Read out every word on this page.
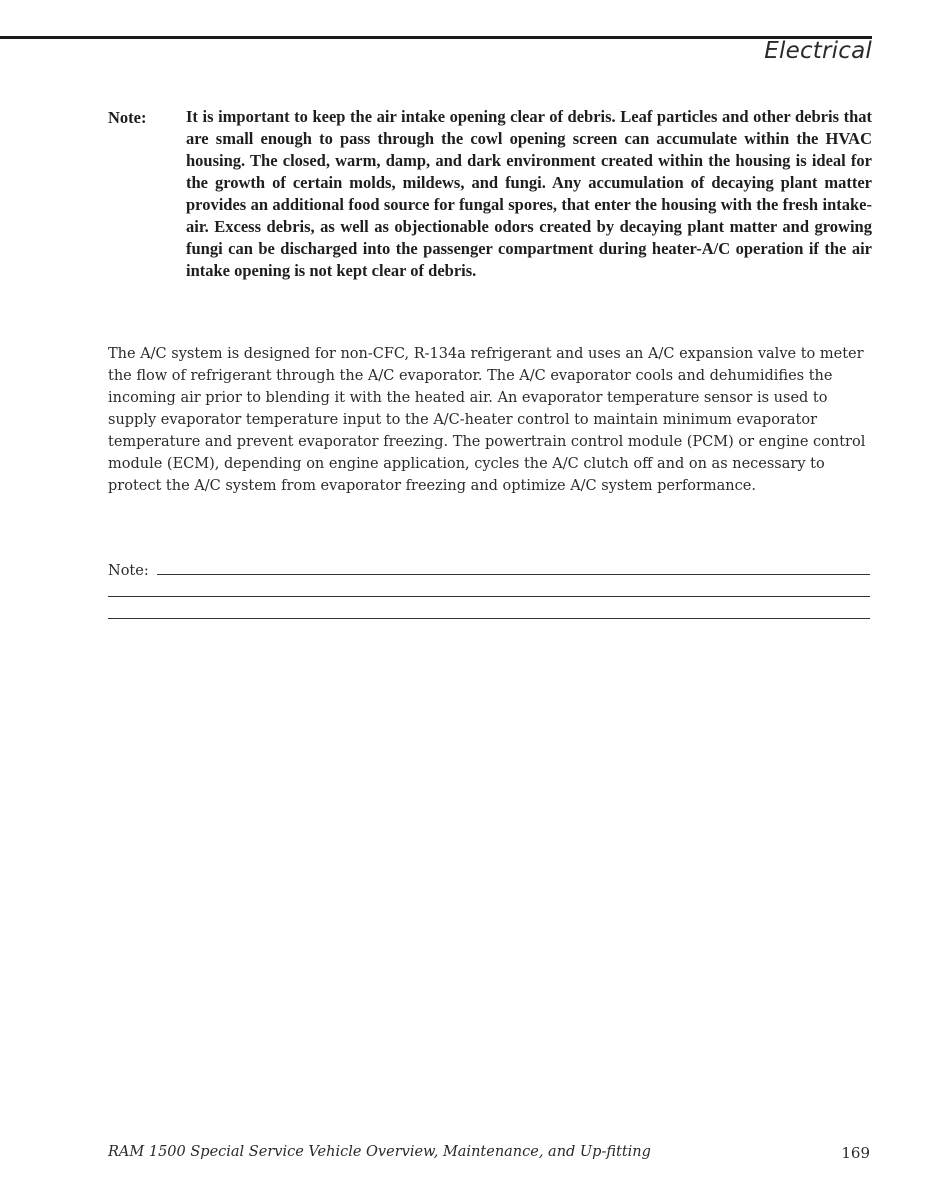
Electrical
Note: It is important to keep the air intake opening clear of debris. Leaf particles and other debris that are small enough to pass through the cowl opening screen can accumulate within the HVAC housing. The closed, warm, damp, and dark environment created within the housing is ideal for the growth of certain molds, mildews, and fungi. Any accumulation of decaying plant matter provides an additional food source for fungal spores, that enter the housing with the fresh intake-air. Excess debris, as well as objectionable odors created by decaying plant matter and growing fungi can be discharged into the passenger compartment during heater-A/C operation if the air intake opening is not kept clear of debris.
The A/C system is designed for non-CFC, R-134a refrigerant and uses an A/C expansion valve to meter the flow of refrigerant through the A/C evaporator. The A/C evaporator cools and dehumidifies the incoming air prior to blending it with the heated air. An evaporator temperature sensor is used to supply evaporator temperature input to the A/C-heater control to maintain minimum evaporator temperature and prevent evaporator freezing. The powertrain control module (PCM) or engine control module (ECM), depending on engine application, cycles the A/C clutch off and on as necessary to protect the A/C system from evaporator freezing and optimize A/C system performance.
Note:
RAM 1500 Special Service Vehicle Overview, Maintenance, and Up-fitting	169
